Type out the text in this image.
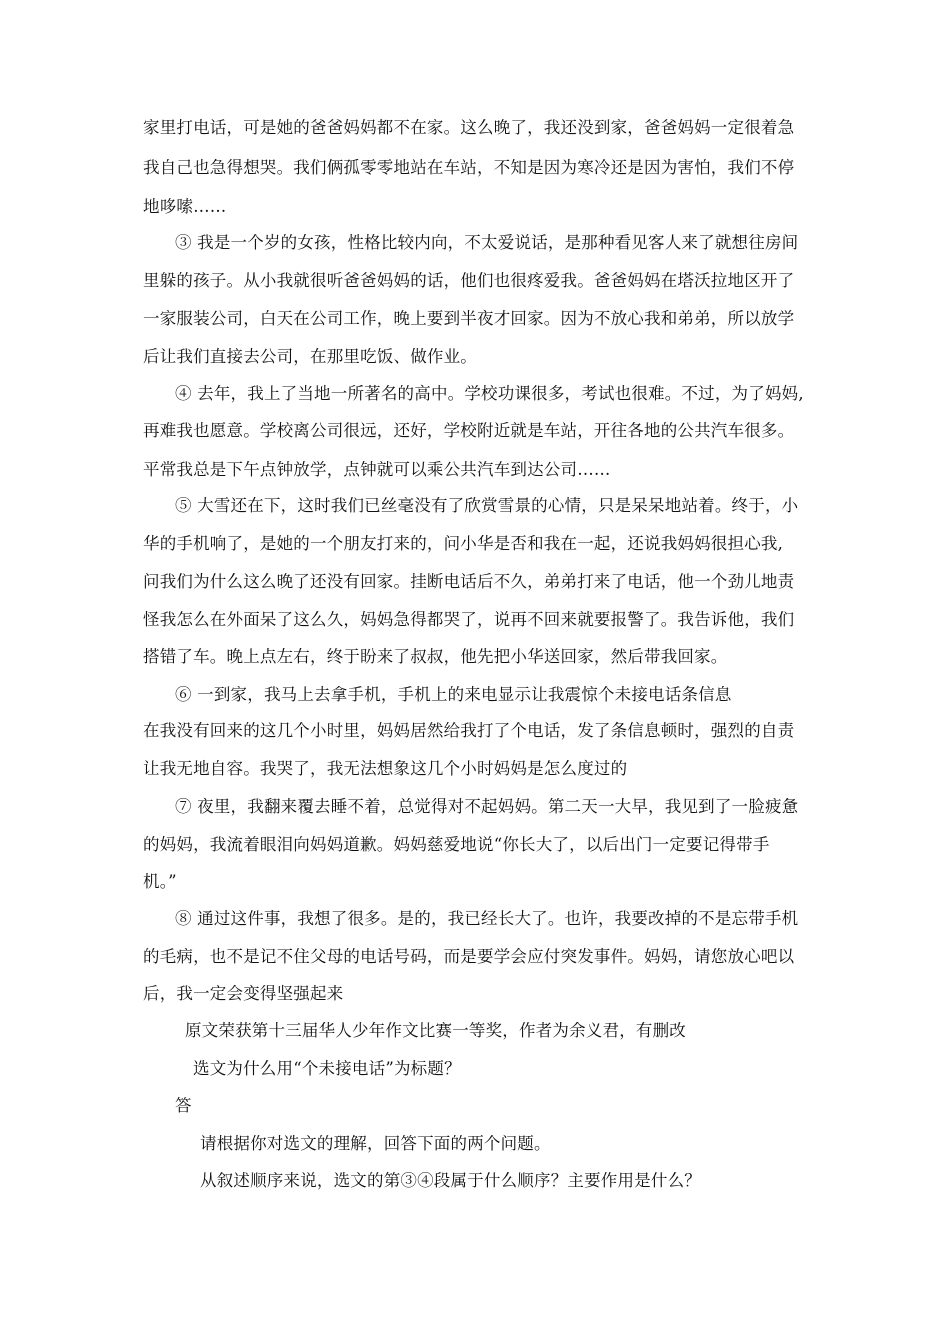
家里打电话，可是她的爸爸妈妈都不在家。这么晚了，我还没到家，爸爸妈妈一定很着急
我自己也急得想哭。我们俩孤零零地站在车站，不知是因为寒冷还是因为害怕，我们不停
地哆嗦……
③ 我是一个岁的女孩，性格比较内向，不太爱说话，是那种看见客人来了就想往房间
里躲的孩子。从小我就很听爸爸妈妈的话，他们也很疼爱我。爸爸妈妈在塔沃拉地区开了
一家服装公司，白天在公司工作，晚上要到半夜才回家。因为不放心我和弟弟，所以放学
后让我们直接去公司，在那里吃饭、做作业。
④ 去年，我上了当地一所著名的高中。学校功课很多，考试也很难。不过，为了妈妈,
再难我也愿意。学校离公司很远，还好，学校附近就是车站，开往各地的公共汽车很多。
平常我总是下午点钟放学，点钟就可以乘公共汽车到达公司……
⑤ 大雪还在下，这时我们已丝毫没有了欣赏雪景的心情，只是呆呆地站着。终于，小
华的手机响了，是她的一个朋友打来的，问小华是否和我在一起，还说我妈妈很担心我,
问我们为什么这么晚了还没有回家。挂断电话后不久，弟弟打来了电话，他一个劲儿地责
怪我怎么在外面呆了这么久，妈妈急得都哭了，说再不回来就要报警了。我告诉他，我们
搭错了车。晚上点左右，终于盼来了叔叔，他先把小华送回家，然后带我回家。
⑥ 一到家，我马上去拿手机，手机上的来电显示让我震惊个未接电话条信息
在我没有回来的这几个小时里，妈妈居然给我打了个电话，发了条信息顿时，强烈的自责
让我无地自容。我哭了，我无法想象这几个小时妈妈是怎么度过的
⑦ 夜里，我翻来覆去睡不着，总觉得对不起妈妈。第二天一大早，我见到了一脸疲惫
的妈妈，我流着眼泪向妈妈道歉。妈妈慈爱地说“你长大了，以后出门一定要记得带手
机。”
⑧ 通过这件事，我想了很多。是的，我已经长大了。也许，我要改掉的不是忘带手机
的毛病，也不是记不住父母的电话号码，而是要学会应付突发事件。妈妈，请您放心吧以
后，我一定会变得坚强起来
原文荣获第十三届华人少年作文比赛一等奖，作者为余义君，有删改
选文为什么用“个未接电话”为标题？
答
请根据你对选文的理解，回答下面的两个问题。
从叙述顺序来说，选文的第③④段属于什么顺序？主要作用是什么？
